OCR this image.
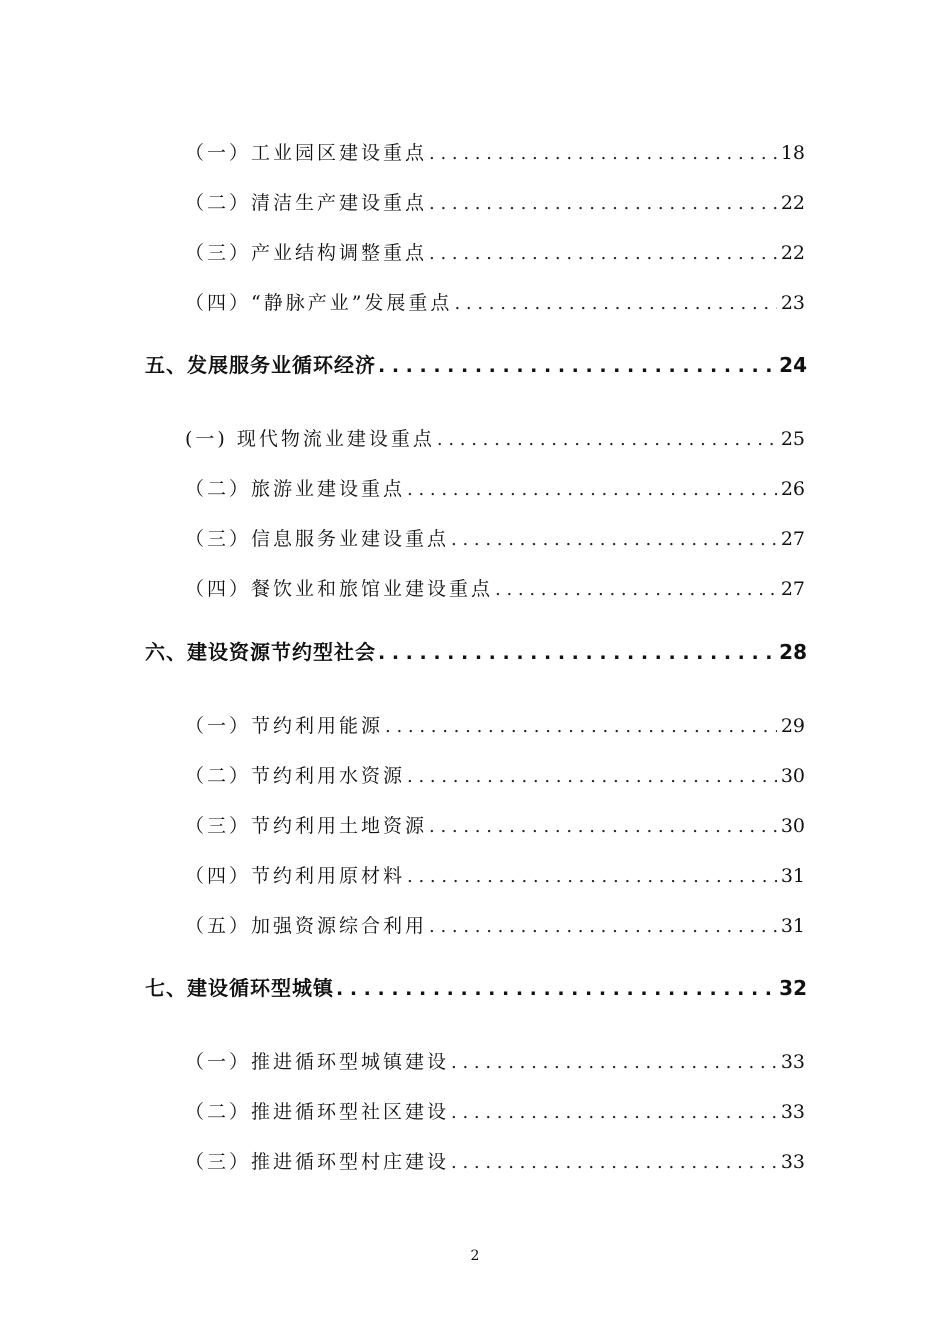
（一）工业园区建设重点 . . .	18
（二）清洁生产建设重点 . . .	22
（三）产业结构调整重点 . . .	22
（四）“静脉产业”发展重点 . . .	23
五、发展服务业循环经济 . . .	24
(一) 现代物流业建设重点 . . .	25
（二）旅游业建设重点 . . .	26
（三）信息服务业建设重点 . . .	27
（四）餐饮业和旅馆业建设重点 . . .	27
六、建设资源节约型社会 . . .	28
（一）节约利用能源 . . .	29
（二）节约利用水资源 . . .	30
（三）节约利用土地资源 . . .	30
（四）节约利用原材料 . . .	31
（五）加强资源综合利用 . . .	31
七、建设循环型城镇 . . .	32
（一）推进循环型城镇建设 . . .	33
（二）推进循环型社区建设 . . .	33
（三）推进循环型村庄建设 . . .	33
2
